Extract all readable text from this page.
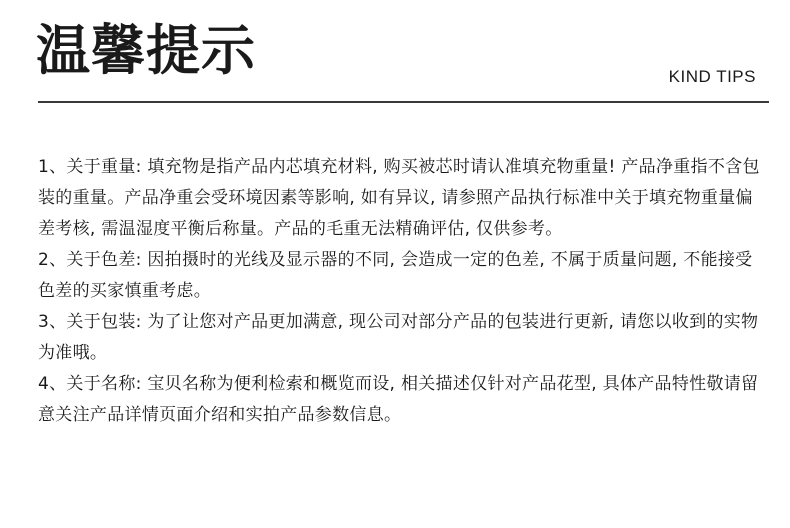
温馨提示	KIND TIPS

1、关于重量: 填充物是指产品内芯填充材料, 购买被芯时请认准填充物重量! 产品净重指不含包装的重量。产品净重会受环境因素等影响, 如有异议, 请参照产品执行标准中关于填充物重量偏差考核, 需温湿度平衡后称量。产品的毛重无法精确评估, 仅供参考。

2、关于色差: 因拍摄时的光线及显示器的不同, 会造成一定的色差, 不属于质量问题, 不能接受色差的买家慎重考虑。

3、关于包装: 为了让您对产品更加满意, 现公司对部分产品的包装进行更新, 请您以收到的实物为准哦。

4、关于名称: 宝贝名称为便利检索和概览而设, 相关描述仅针对产品花型, 具体产品特性敬请留意关注产品详情页面介绍和实拍产品参数信息。
